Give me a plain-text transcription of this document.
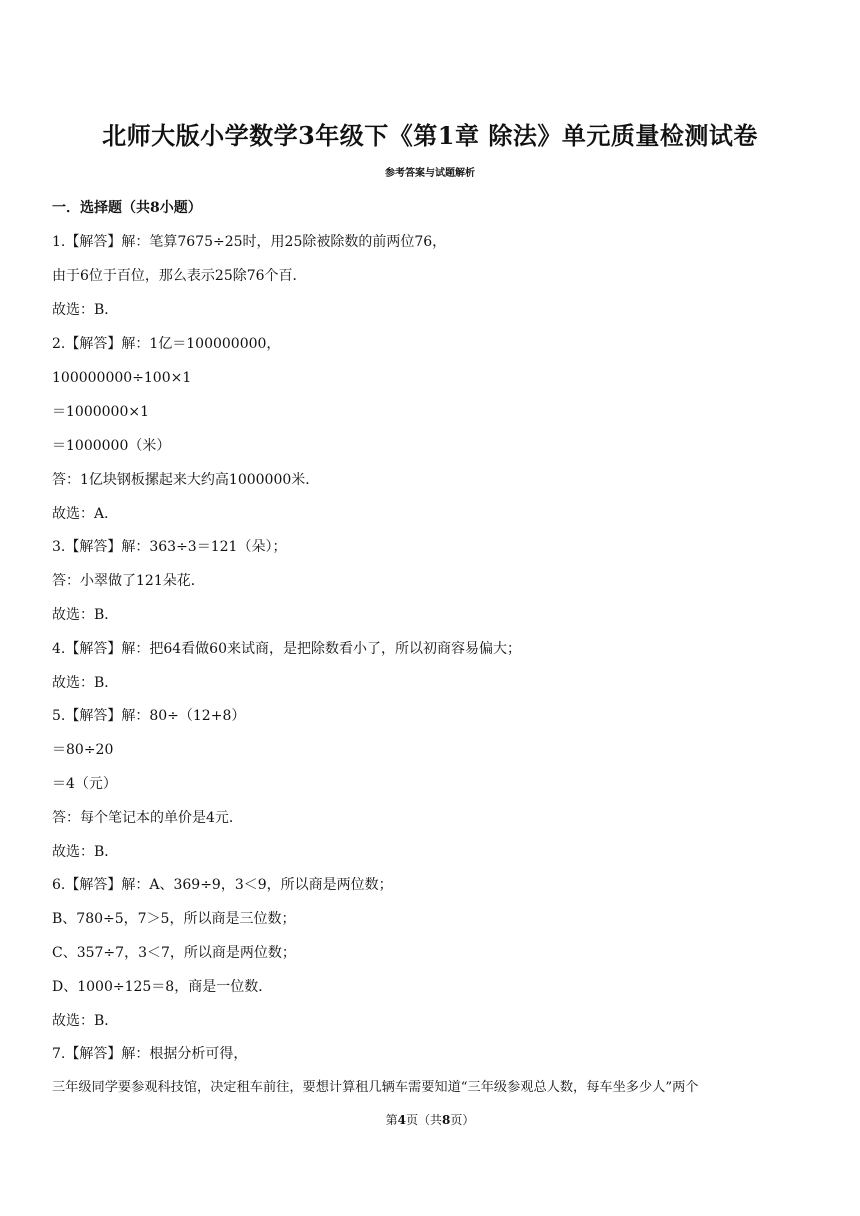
北师大版小学数学3年级下《第1章 除法》单元质量检测试卷
参考答案与试题解析
一．选择题（共8小题）
1.【解答】解：笔算7675÷25时，用25除被除数的前两位76，
由于6位于百位，那么表示25除76个百．
故选：B．
2.【解答】解：1亿＝100000000，
100000000÷100×1
＝1000000×1
＝1000000（米）
答：1亿块钢板摞起来大约高1000000米．
故选：A．
3.【解答】解：363÷3＝121（朵）；
答：小翠做了121朵花．
故选：B．
4.【解答】解：把64看做60来试商，是把除数看小了，所以初商容易偏大；
故选：B．
5.【解答】解：80÷（12+8）
＝80÷20
＝4（元）
答：每个笔记本的单价是4元．
故选：B．
6.【解答】解：A、369÷9，3＜9，所以商是两位数；
B、780÷5，7＞5，所以商是三位数；
C、357÷7，3＜7，所以商是两位数；
D、1000÷125＝8，商是一位数．
故选：B．
7.【解答】解：根据分析可得，
三年级同学要参观科技馆，决定租车前往，要想计算租几辆车需要知道“三年级参观总人数，每车坐多少人”两个
第4页（共8页）
